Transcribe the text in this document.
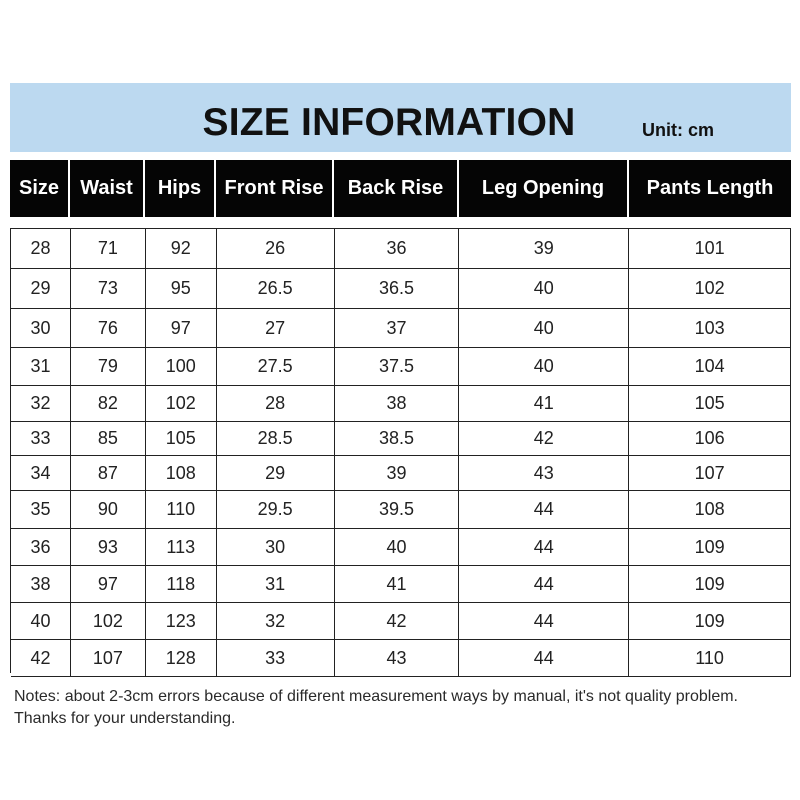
SIZE INFORMATION	Unit: cm
Size	Waist	Hips	Front Rise	Back Rise	Leg Opening	Pants Length
28	71	92	26	36	39	101
29	73	95	26.5	36.5	40	102
30	76	97	27	37	40	103
31	79	100	27.5	37.5	40	104
32	82	102	28	38	41	105
33	85	105	28.5	38.5	42	106
34	87	108	29	39	43	107
35	90	110	29.5	39.5	44	108
36	93	113	30	40	44	109
38	97	118	31	41	44	109
40	102	123	32	42	44	109
42	107	128	33	43	44	110
Notes: about 2-3cm errors because of different measurement ways by manual, it's not quality problem. Thanks for your understanding.
